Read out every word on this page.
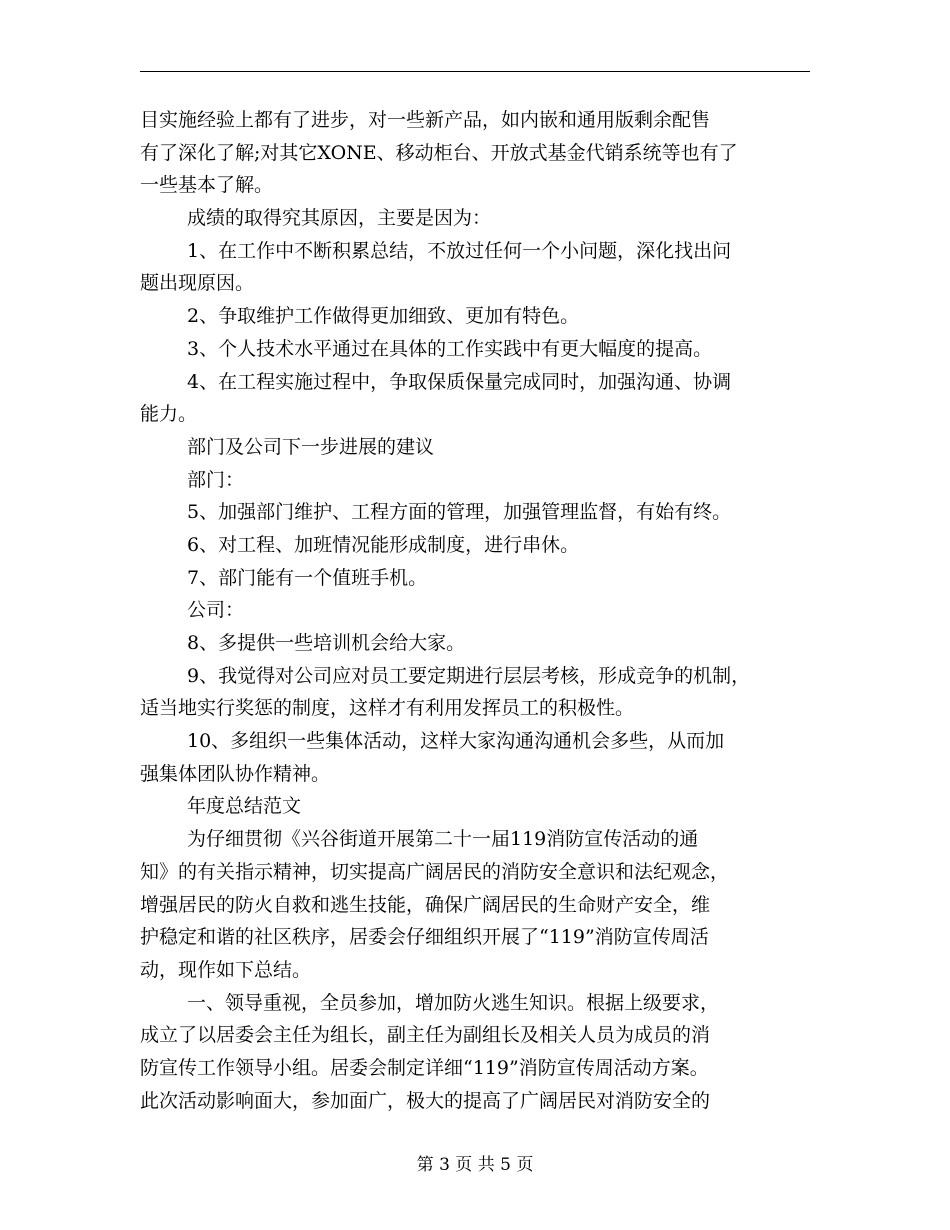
目实施经验上都有了进步，对一些新产品，如内嵌和通用版剩余配售
有了深化了解;对其它XONE、移动柜台、开放式基金代销系统等也有了
一些基本了解。
成绩的取得究其原因，主要是因为：
1、在工作中不断积累总结，不放过任何一个小问题，深化找出问
题出现原因。
2、争取维护工作做得更加细致、更加有特色。
3、个人技术水平通过在具体的工作实践中有更大幅度的提高。
4、在工程实施过程中，争取保质保量完成同时，加强沟通、协调
能力。
部门及公司下一步进展的建议
部门：
5、加强部门维护、工程方面的管理，加强管理监督，有始有终。
6、对工程、加班情况能形成制度，进行串休。
7、部门能有一个值班手机。
公司：
8、多提供一些培训机会给大家。
9、我觉得对公司应对员工要定期进行层层考核，形成竞争的机制，
适当地实行奖惩的制度，这样才有利用发挥员工的积极性。
10、多组织一些集体活动，这样大家沟通沟通机会多些，从而加
强集体团队协作精神。
年度总结范文
为仔细贯彻《兴谷街道开展第二十一届119消防宣传活动的通
知》的有关指示精神，切实提高广阔居民的消防安全意识和法纪观念，
增强居民的防火自救和逃生技能，确保广阔居民的生命财产安全，维
护稳定和谐的社区秩序，居委会仔细组织开展了“119”消防宣传周活
动，现作如下总结。
一、领导重视，全员参加，增加防火逃生知识。根据上级要求，
成立了以居委会主任为组长，副主任为副组长及相关人员为成员的消
防宣传工作领导小组。居委会制定详细“119”消防宣传周活动方案。
此次活动影响面大，参加面广，极大的提高了广阔居民对消防安全的
第 3 页 共 5 页
